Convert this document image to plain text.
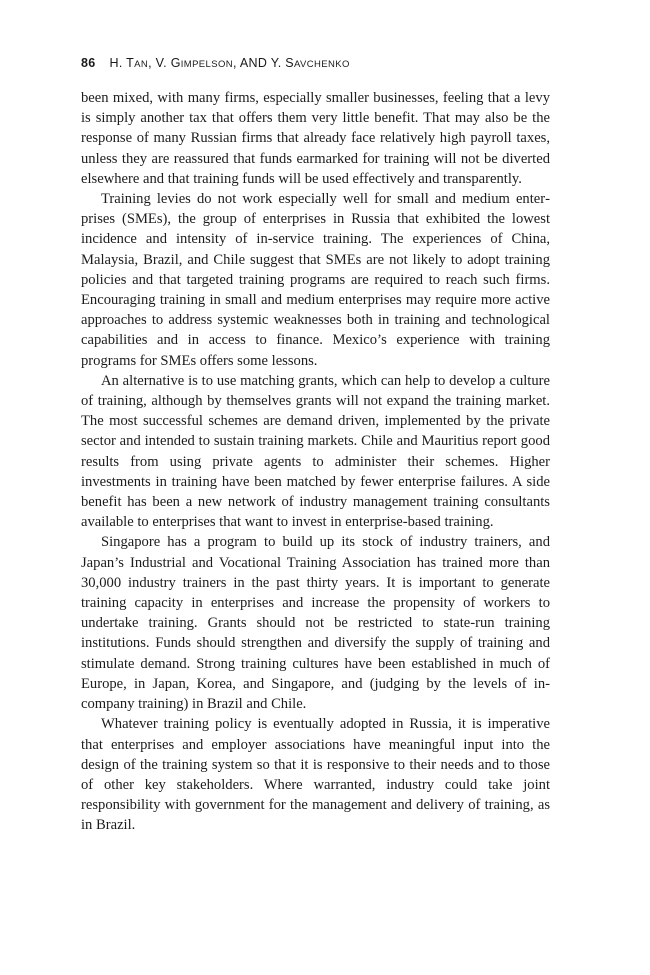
86 H. TAN, V. GIMPELSON, AND Y. SAVCHENKO

been mixed, with many firms, especially smaller businesses, feeling that a levy is simply another tax that offers them very little benefit. That may also be the response of many Russian firms that already face relatively high payroll taxes, unless they are reassured that funds earmarked for training will not be diverted elsewhere and that training funds will be used effectively and transparently.

Training levies do not work especially well for small and medium enterprises (SMEs), the group of enterprises in Russia that exhibited the lowest incidence and intensity of in-service training. The experiences of China, Malaysia, Brazil, and Chile suggest that SMEs are not likely to adopt training policies and that targeted training programs are required to reach such firms. Encouraging training in small and medium enterprises may require more active approaches to address systemic weaknesses both in training and technological capabilities and in access to finance. Mexico’s experience with training programs for SMEs offers some lessons.

An alternative is to use matching grants, which can help to develop a culture of training, although by themselves grants will not expand the training market. The most successful schemes are demand driven, implemented by the private sector and intended to sustain training markets. Chile and Mauritius report good results from using private agents to administer their schemes. Higher investments in training have been matched by fewer enterprise failures. A side benefit has been a new network of industry management training consultants available to enterprises that want to invest in enterprise-based training.

Singapore has a program to build up its stock of industry trainers, and Japan’s Industrial and Vocational Training Association has trained more than 30,000 industry trainers in the past thirty years. It is important to generate training capacity in enterprises and increase the propensity of workers to undertake training. Grants should not be restricted to state-run training institutions. Funds should strengthen and diversify the supply of training and stimulate demand. Strong training cultures have been established in much of Europe, in Japan, Korea, and Singapore, and (judging by the levels of in-company training) in Brazil and Chile.

Whatever training policy is eventually adopted in Russia, it is imperative that enterprises and employer associations have meaningful input into the design of the training system so that it is responsive to their needs and to those of other key stakeholders. Where warranted, industry could take joint responsibility with government for the management and delivery of training, as in Brazil.
